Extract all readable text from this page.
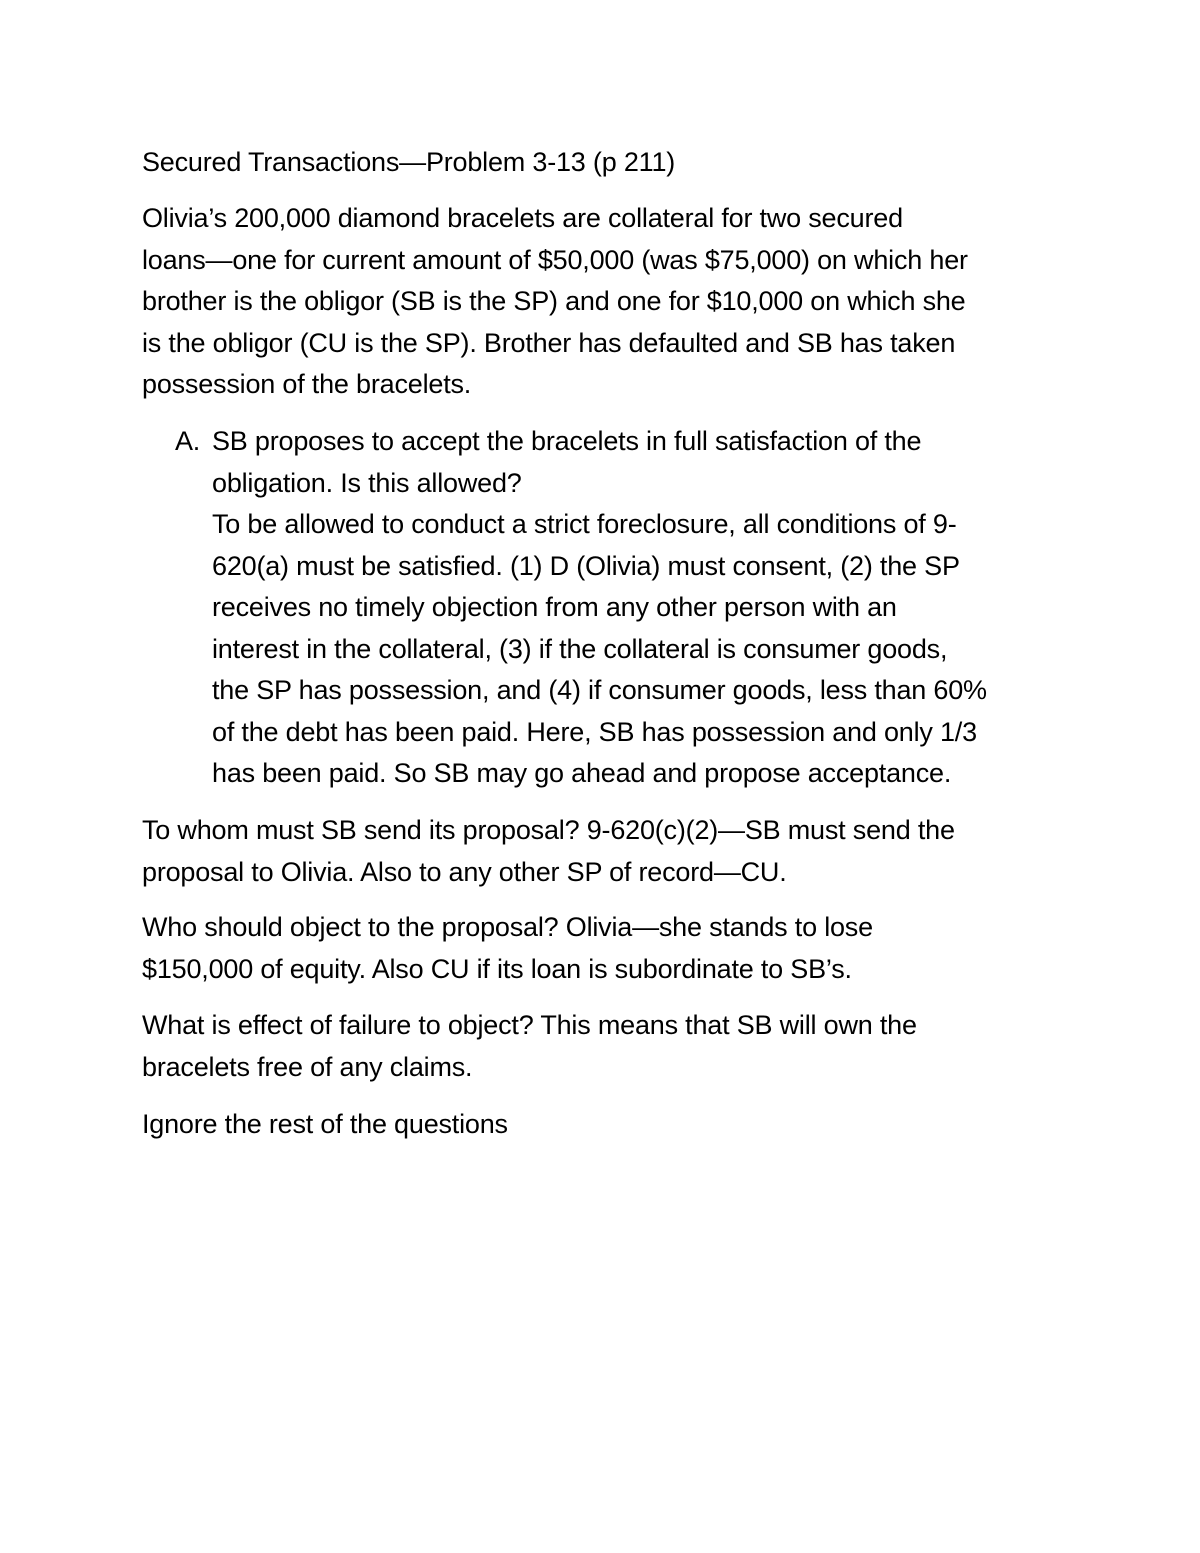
Secured Transactions—Problem 3-13 (p 211)

Olivia’s 200,000 diamond bracelets are collateral for two secured

loans—one for current amount of $50,000 (was $75,000) on which her

brother is the obligor (SB is the SP) and one for $10,000 on which she

is the obligor (CU is the SP). Brother has defaulted and SB has taken

possession of the bracelets.

A. SB proposes to accept the bracelets in full satisfaction of the

obligation. Is this allowed?

To be allowed to conduct a strict foreclosure, all conditions of 9-

620(a) must be satisfied. (1) D (Olivia) must consent, (2) the SP

receives no timely objection from any other person with an

interest in the collateral, (3) if the collateral is consumer goods,

the SP has possession, and (4) if consumer goods, less than 60%

of the debt has been paid. Here, SB has possession and only 1/3

has been paid. So SB may go ahead and propose acceptance.

To whom must SB send its proposal? 9-620(c)(2)—SB must send the

proposal to Olivia. Also to any other SP of record—CU.

Who should object to the proposal? Olivia—she stands to lose

$150,000 of equity. Also CU if its loan is subordinate to SB’s.

What is effect of failure to object? This means that SB will own the

bracelets free of any claims.

Ignore the rest of the questions
